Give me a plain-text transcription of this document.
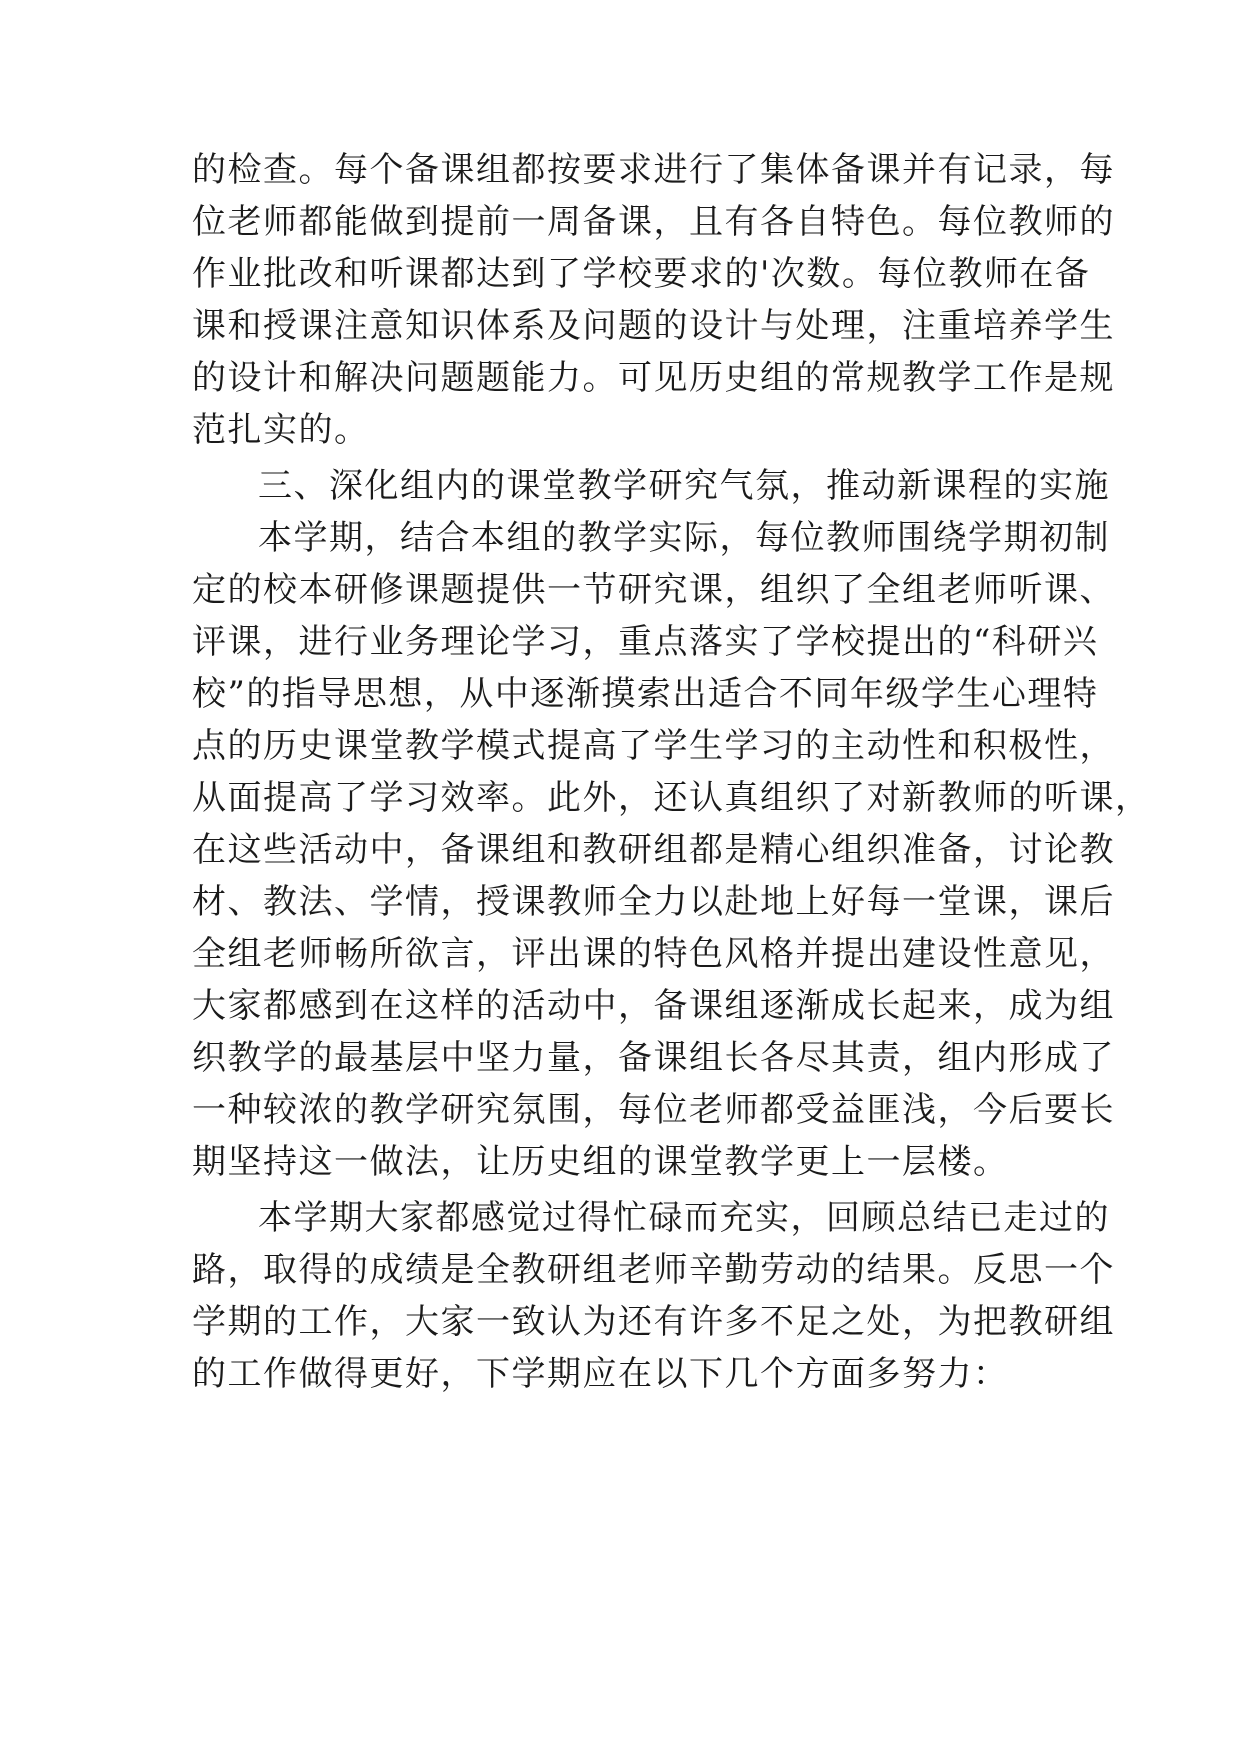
的检查。每个备课组都按要求进行了集体备课并有记录，每
位老师都能做到提前一周备课，且有各自特色。每位教师的
作业批改和听课都达到了学校要求的'次数。每位教师在备
课和授课注意知识体系及问题的设计与处理，注重培养学生
的设计和解决问题题能力。可见历史组的常规教学工作是规
范扎实的。
三、深化组内的课堂教学研究气氛，推动新课程的实施
本学期，结合本组的教学实际，每位教师围绕学期初制
定的校本研修课题提供一节研究课，组织了全组老师听课、
评课，进行业务理论学习，重点落实了学校提出的“科研兴
校”的指导思想，从中逐渐摸索出适合不同年级学生心理特
点的历史课堂教学模式提高了学生学习的主动性和积极性，
从面提高了学习效率。此外，还认真组织了对新教师的听课，
在这些活动中，备课组和教研组都是精心组织准备，讨论教
材、教法、学情，授课教师全力以赴地上好每一堂课，课后
全组老师畅所欲言，评出课的特色风格并提出建设性意见，
大家都感到在这样的活动中，备课组逐渐成长起来，成为组
织教学的最基层中坚力量，备课组长各尽其责，组内形成了
一种较浓的教学研究氛围，每位老师都受益匪浅，今后要长
期坚持这一做法，让历史组的课堂教学更上一层楼。
本学期大家都感觉过得忙碌而充实，回顾总结已走过的
路，取得的成绩是全教研组老师辛勤劳动的结果。反思一个
学期的工作，大家一致认为还有许多不足之处，为把教研组
的工作做得更好，下学期应在以下几个方面多努力：
